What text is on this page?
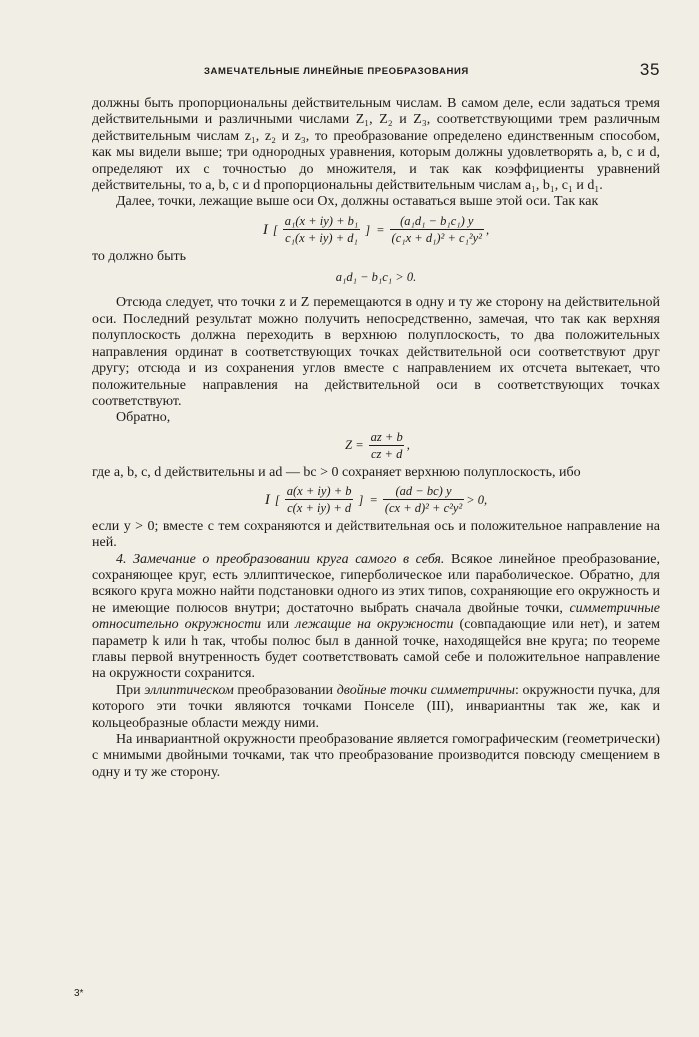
ЗАМЕЧАТЕЛЬНЫЕ ЛИНЕЙНЫЕ ПРЕОБРАЗОВАНИЯ	35

должны быть пропорциональны действительным числам. В самом деле, если задаться тремя действительными и различными числами Z₁, Z₂ и Z₃, соответствующими трем различным действительным числам z₁, z₂ и z₃, то преобразование определено единственным способом, как мы видели выше; три однородных уравнения, которым должны удовлетворять a, b, c и d, определяют их с точностью до множителя, и так как коэффициенты уравнений действительны, то a, b, c и d пропорциональны действительным числам a₁, b₁, c₁ и d₁.

Далее, точки, лежащие выше оси Ox, должны оставаться выше этой оси. Так как

I [ $\frac{\text{a₁(x + iy) + b₁}}{\text{c₁(x + iy) + d₁}}$ ] = $\frac{\text{(a₁d₁ − b₁c₁) y}}{\text{(c₁x + d₁)² + c₁²y²}}$ ,

то должно быть

a₁d₁ − b₁c₁ > 0.

Отсюда следует, что точки z и Z перемещаются в одну и ту же сторону на действительной оси. Последний результат можно получить непосредственно, замечая, что так как верхняя полуплоскость должна переходить в верхнюю полуплоскость, то два положительных направления ординат в соответствующих точках действительной оси соответствуют друг другу; отсюда и из сохранения углов вместе с направлением их отсчета вытекает, что положительные направления на действительной оси в соответствующих точках соответствуют.

Обратно,

$Z = \frac{az + b}{cz + d}$ ,

где a, b, c, d действительны и ad — bc > 0 сохраняет верхнюю полуплоскость, ибо

I [ $\frac{a(x + iy) + b}{c(x + iy) + d}$ ] = $\frac{(ad - bc) y}{\text{(cx + d)² + c²y²}} > 0$,

если y > 0; вместе с тем сохраняются и действительная ось и положительное направление на ней.

4. Замечание о преобразовании круга самого в себя. Всякое линейное преобразование, сохраняющее круг, есть эллиптическое, гиперболическое или параболическое. Обратно, для всякого круга можно найти подстановки одного из этих типов, сохраняющие его окружность и не имеющие полюсов внутри; достаточно выбрать сначала двойные точки, симметричные относительно окружности или лежащие на окружности (совпадающие или нет), и затем параметр k или h так, чтобы полюс был в данной точке, находящейся вне круга; по теореме главы первой внутренность будет соответствовать самой себе и положительное направление на окружности сохранится.

При эллиптическом преобразовании двойные точки симметричны: окружности пучка, для которого эти точки являются точками Понселе (III), инвариантны так же, как и кольцеобразные области между ними.

На инвариантной окружности преобразование является гомографическим (геометрически) с мнимыми двойными точками, так что преобразование производится повсюду смещением в одну и ту же сторону.

3*
